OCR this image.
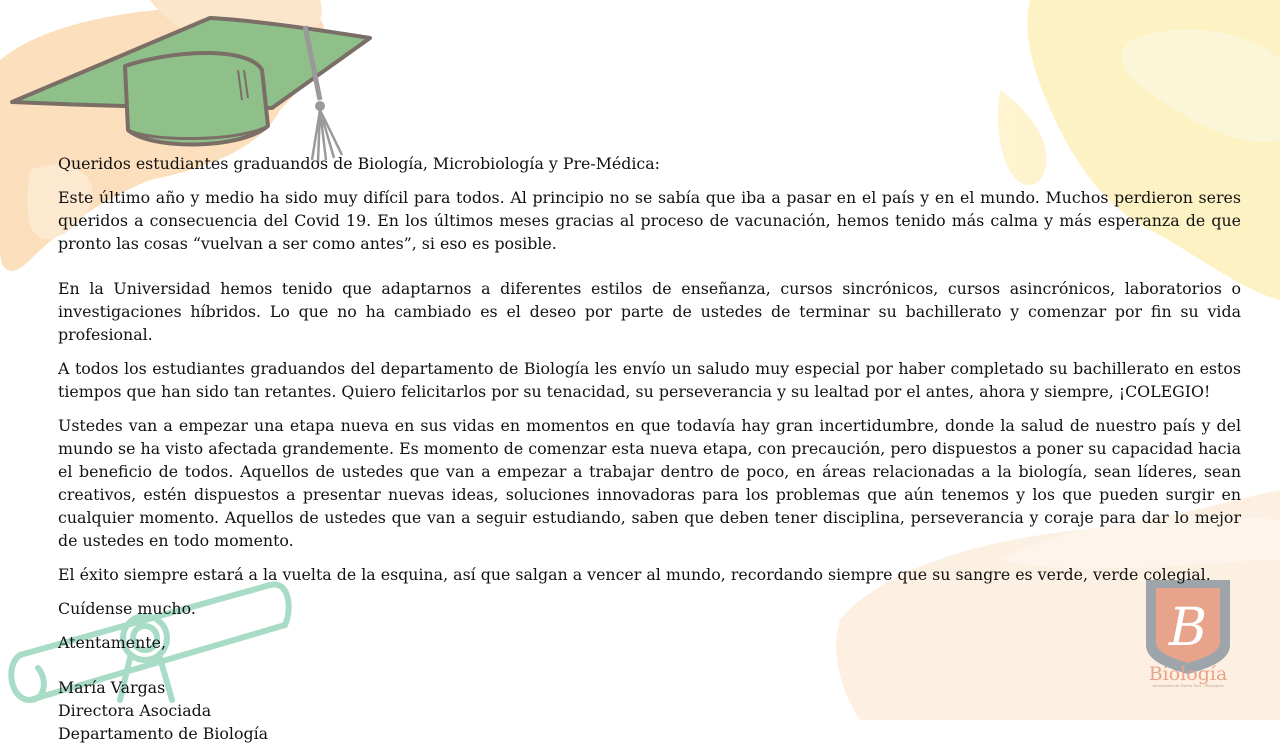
B
Biología
Universidad de Puerto Rico – Mayagüez

Queridos estudiantes graduandos de Biología, Microbiología y Pre-Médica:

Este último año y medio ha sido muy difícil para todos. Al principio no se sabía que iba a pasar en el país y en el mundo. Muchos perdieron seres queridos a consecuencia del Covid 19. En los últimos meses gracias al proceso de vacunación, hemos tenido más calma y más esperanza de que pronto las cosas “vuelvan a ser como antes”, si eso es posible.

En la Universidad hemos tenido que adaptarnos a diferentes estilos de enseñanza, cursos sincrónicos, cursos asincrónicos, laboratorios o investigaciones híbridos. Lo que no ha cambiado es el deseo por parte de ustedes de terminar su bachillerato y comenzar por fin su vida profesional.

A todos los estudiantes graduandos del departamento de Biología les envío un saludo muy especial por haber completado su bachillerato en estos tiempos que han sido tan retantes. Quiero felicitarlos por su tenacidad, su perseverancia y su lealtad por el antes, ahora y siempre, ¡COLEGIO!

Ustedes van a empezar una etapa nueva en sus vidas en momentos en que todavía hay gran incertidumbre, donde la salud de nuestro país y del mundo se ha visto afectada grandemente. Es momento de comenzar esta nueva etapa, con precaución, pero dispuestos a poner su capacidad hacia el beneficio de todos. Aquellos de ustedes que van a empezar a trabajar dentro de poco, en áreas relacionadas a la biología, sean líderes, sean creativos, estén dispuestos a presentar nuevas ideas, soluciones innovadoras para los problemas que aún tenemos y los que pueden surgir en cualquier momento. Aquellos de ustedes que van a seguir estudiando, saben que deben tener disciplina, perseverancia y coraje para dar lo mejor de ustedes en todo momento.

El éxito siempre estará a la vuelta de la esquina, así que salgan a vencer al mundo, recordando siempre que su sangre es verde, verde colegial.

Cuídense mucho.

Atentamente,

María Vargas
Directora Asociada
Departamento de Biología
